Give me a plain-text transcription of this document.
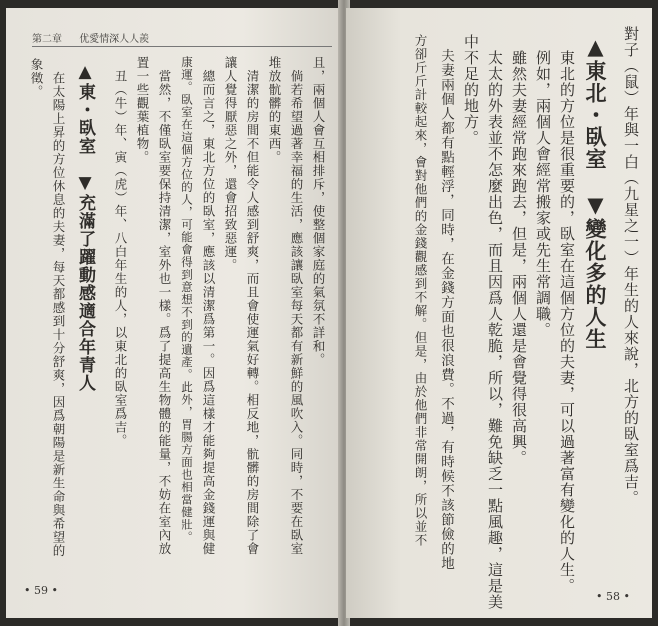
第二章 优愛情深人人羨
且，兩個人會互相排斥，使整個家庭的氣氛不詳和。
　倘若希望過著幸福的生活，應該讓臥室每天都有新鮮的風吹入。同時，不要在臥室
堆放骯髒的東西。
　清潔的房間不但能令人感到舒爽，而且會使運氣好轉。相反地，骯髒的房間除了會
讓人覺得厭惡之外，還會招致惡運。
　總而言之，東北方位的臥室，應該以清潔爲第一。因爲這樣才能夠提高金錢運與健
康運。臥室在這個方位的人，可能會得到意想不到的遺產。此外，胃腸方面也相當健壯。
　當然，不僅臥室要保持清潔，室外也一樣。爲了提高生物體的能量，不妨在室內放
置一些觀葉植物。
　丑（牛）年、寅（虎）年、八白年生的人，以東北的臥室爲吉。
▲東・臥室　▼充滿了躍動感適合年青人
　在太陽上昇的方位休息的夫妻，每天都感到十分舒爽，因爲朝陽是新生命與希望的
象徵。
• 59 •
對子（鼠）年與一白（九星之一）年生的人來說，北方的臥室爲吉。
▲東北・臥室　▼變化多的人生
　東北的方位是很重要的，臥室在這個方位的夫妻，可以過著富有變化的人生。
　例如，兩個人會經常搬家或先生常調職。
　雖然夫妻經常跑來跑去，但是，兩個人還是會覺得很高興。
　太太的外表並不怎麼出色，而且因爲人乾脆，所以，難免缺乏一點風趣，這是美
中不足的地方。
　夫妻兩個人都有點輕浮，同時，在金錢方面也很浪費。不過，有時候不該節儉的地
方卻斤斤計較起來，會對他們的金錢觀感到不解。但是，由於他們非常開朗，所以並不
• 58 •
